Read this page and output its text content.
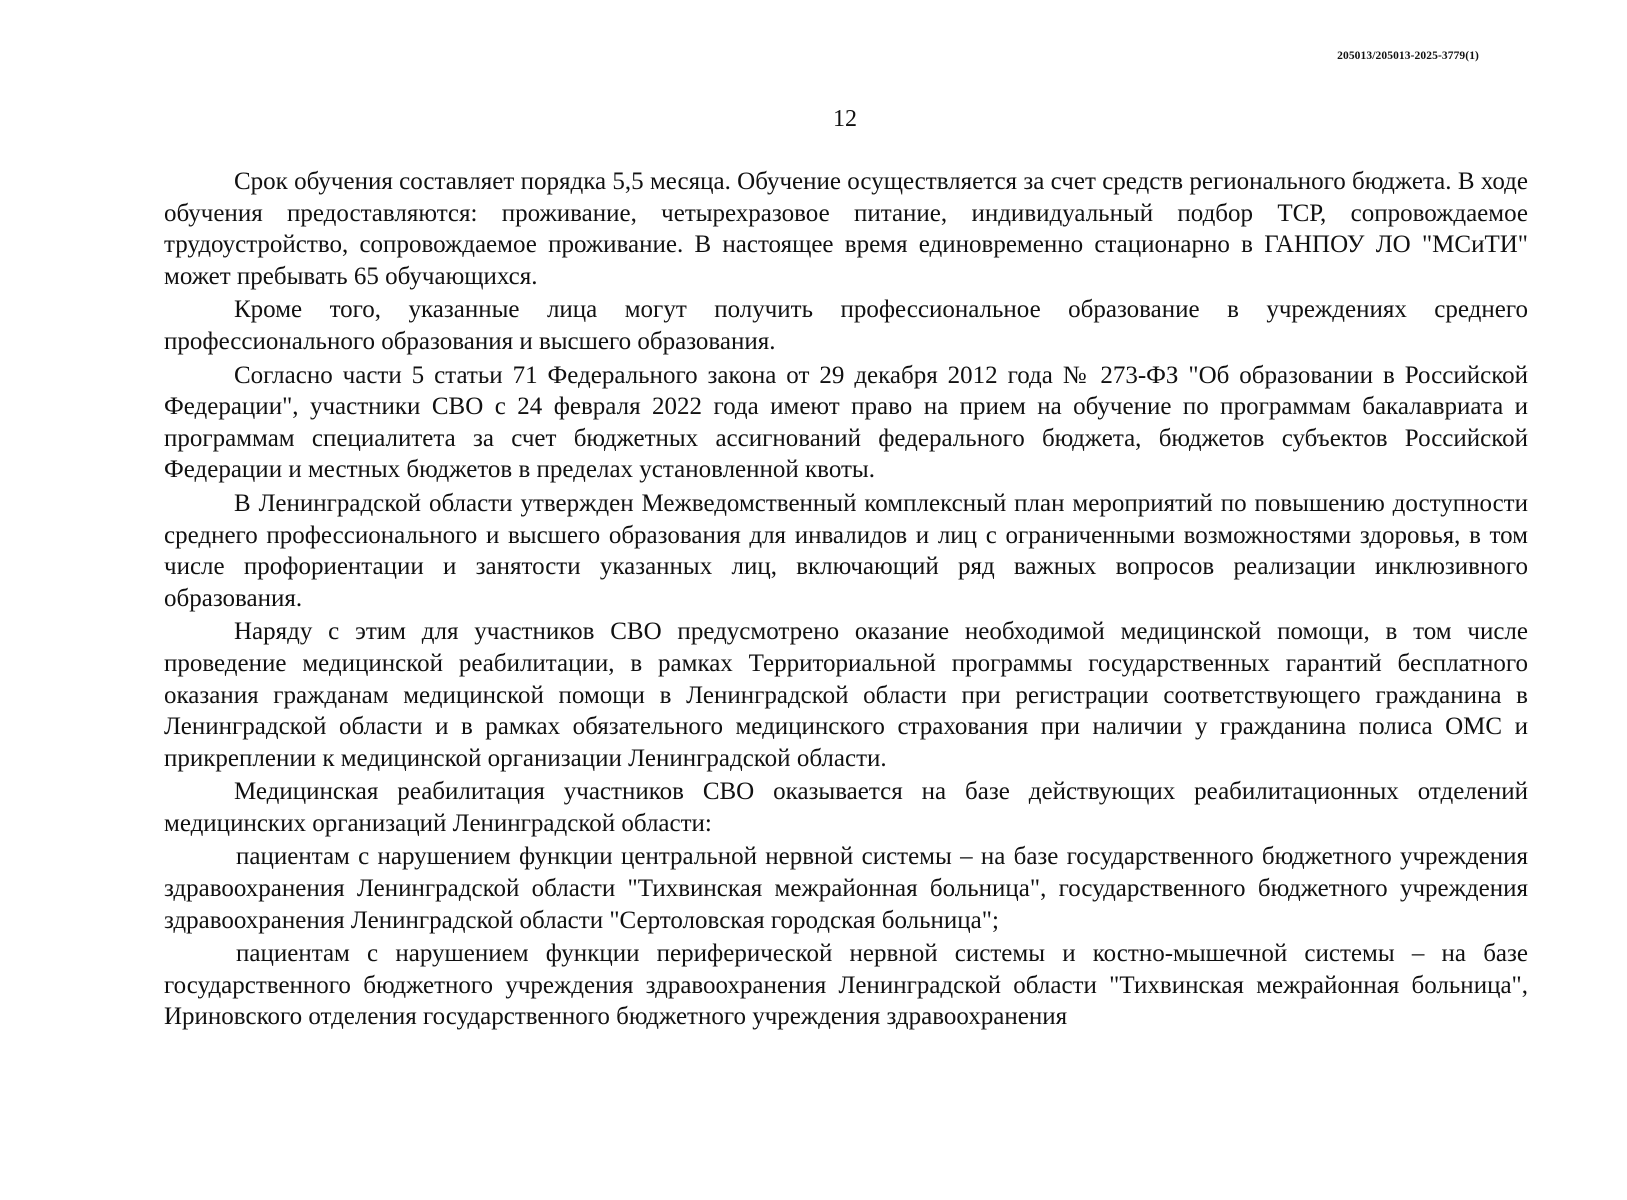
205013/205013-2025-3779(1)
12

Срок обучения составляет порядка 5,5 месяца. Обучение осуществляется за счет средств регионального бюджета. В ходе обучения предоставляются: проживание, четырехразовое питание, индивидуальный подбор ТСР, сопровождаемое трудоустройство, сопровождаемое проживание. В настоящее время единовременно стационарно в ГАНПОУ ЛО "МСиТИ" может пребывать 65 обучающихся.

Кроме того, указанные лица могут получить профессиональное образование в учреждениях среднего профессионального образования и высшего образования.

Согласно части 5 статьи 71 Федерального закона от 29 декабря 2012 года № 273-ФЗ "Об образовании в Российской Федерации", участники СВО с 24 февраля 2022 года имеют право на прием на обучение по программам бакалавриата и программам специалитета за счет бюджетных ассигнований федерального бюджета, бюджетов субъектов Российской Федерации и местных бюджетов в пределах установленной квоты.

В Ленинградской области утвержден Межведомственный комплексный план мероприятий по повышению доступности среднего профессионального и высшего образования для инвалидов и лиц с ограниченными возможностями здоровья, в том числе профориентации и занятости указанных лиц, включающий ряд важных вопросов реализации инклюзивного образования.

Наряду с этим для участников СВО предусмотрено оказание необходимой медицинской помощи, в том числе проведение медицинской реабилитации, в рамках Территориальной программы государственных гарантий бесплатного оказания гражданам медицинской помощи в Ленинградской области при регистрации соответствующего гражданина в Ленинградской области и в рамках обязательного медицинского страхования при наличии у гражданина полиса ОМС и прикреплении к медицинской организации Ленинградской области.

Медицинская реабилитация участников СВО оказывается на базе действующих реабилитационных отделений медицинских организаций Ленинградской области:

пациентам с нарушением функции центральной нервной системы – на базе государственного бюджетного учреждения здравоохранения Ленинградской области "Тихвинская межрайонная больница", государственного бюджетного учреждения здравоохранения Ленинградской области "Сертоловская городская больница";

пациентам с нарушением функции периферической нервной системы и костно-мышечной системы – на базе государственного бюджетного учреждения здравоохранения Ленинградской области "Тихвинская межрайонная больница", Ириновского отделения государственного бюджетного учреждения здравоохранения
